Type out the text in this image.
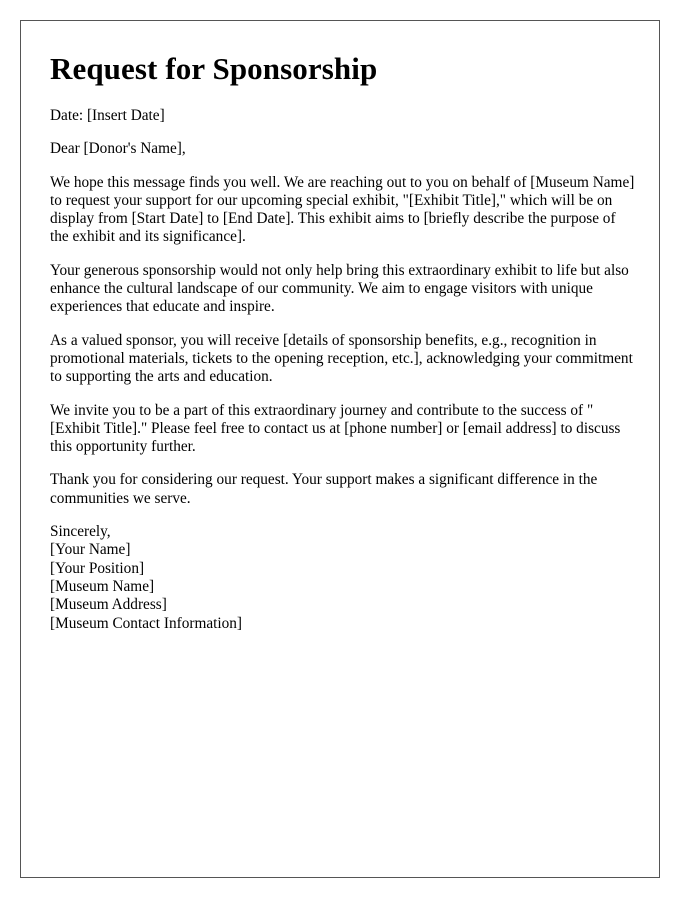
Request for Sponsorship

Date: [Insert Date]

Dear [Donor's Name],

We hope this message finds you well. We are reaching out to you on behalf of [Museum Name] to request your support for our upcoming special exhibit, "[Exhibit Title]," which will be on display from [Start Date] to [End Date]. This exhibit aims to [briefly describe the purpose of the exhibit and its significance].

Your generous sponsorship would not only help bring this extraordinary exhibit to life but also enhance the cultural landscape of our community. We aim to engage visitors with unique experiences that educate and inspire.

As a valued sponsor, you will receive [details of sponsorship benefits, e.g., recognition in promotional materials, tickets to the opening reception, etc.], acknowledging your commitment to supporting the arts and education.

We invite you to be a part of this extraordinary journey and contribute to the success of "[Exhibit Title]." Please feel free to contact us at [phone number] or [email address] to discuss this opportunity further.

Thank you for considering our request. Your support makes a significant difference in the communities we serve.

Sincerely,
[Your Name]
[Your Position]
[Museum Name]
[Museum Address]
[Museum Contact Information]
